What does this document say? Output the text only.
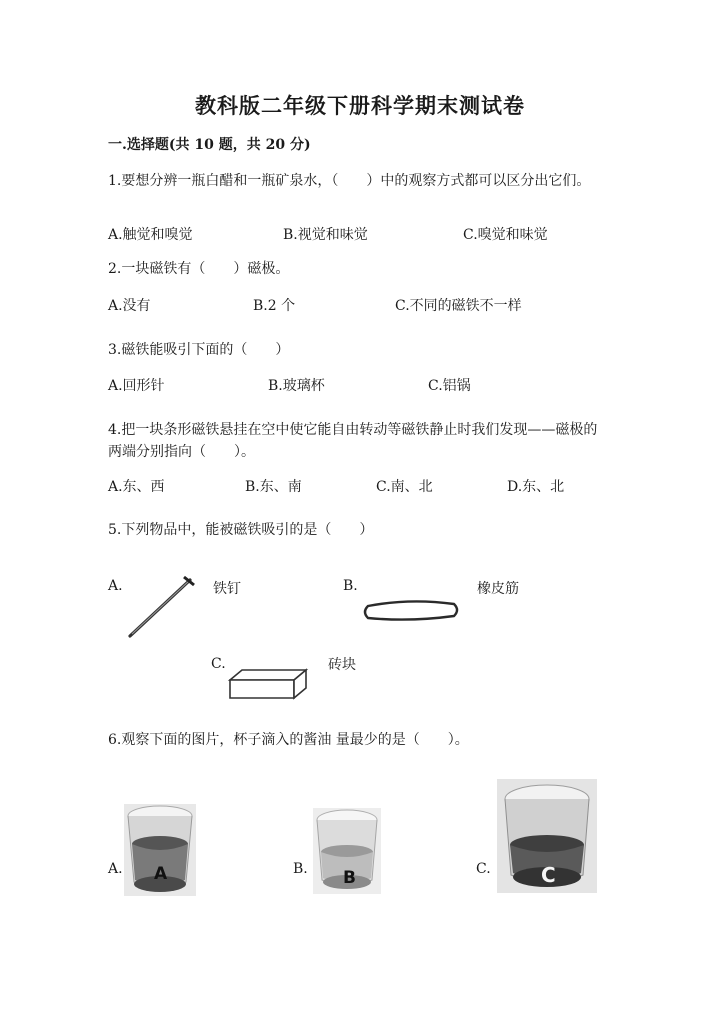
教科版二年级下册科学期末测试卷
一.选择题(共 10 题，共 20 分)
1.要想分辨一瓶白醋和一瓶矿泉水，（　　）中的观察方式都可以区分出它们。
A.触觉和嗅觉	B.视觉和味觉	C.嗅觉和味觉
2.一块磁铁有（　　）磁极。
A.没有	B.2 个	C.不同的磁铁不一样
3.磁铁能吸引下面的（　　）
A.回形针	B.玻璃杯	C.铝锅
4.把一块条形磁铁悬挂在空中使它能自由转动等磁铁静止时我们发现——磁极的两端分别指向（　　）。
A.东、西	B.东、南	C.南、北	D.东、北
5.下列物品中，能被磁铁吸引的是（　　）
A.	铁钉	B.	橡皮筋
C.	砖块
6.观察下面的图片，杯子滴入的酱油 量最少的是（　　）。
A. A	B. B	C.	C
